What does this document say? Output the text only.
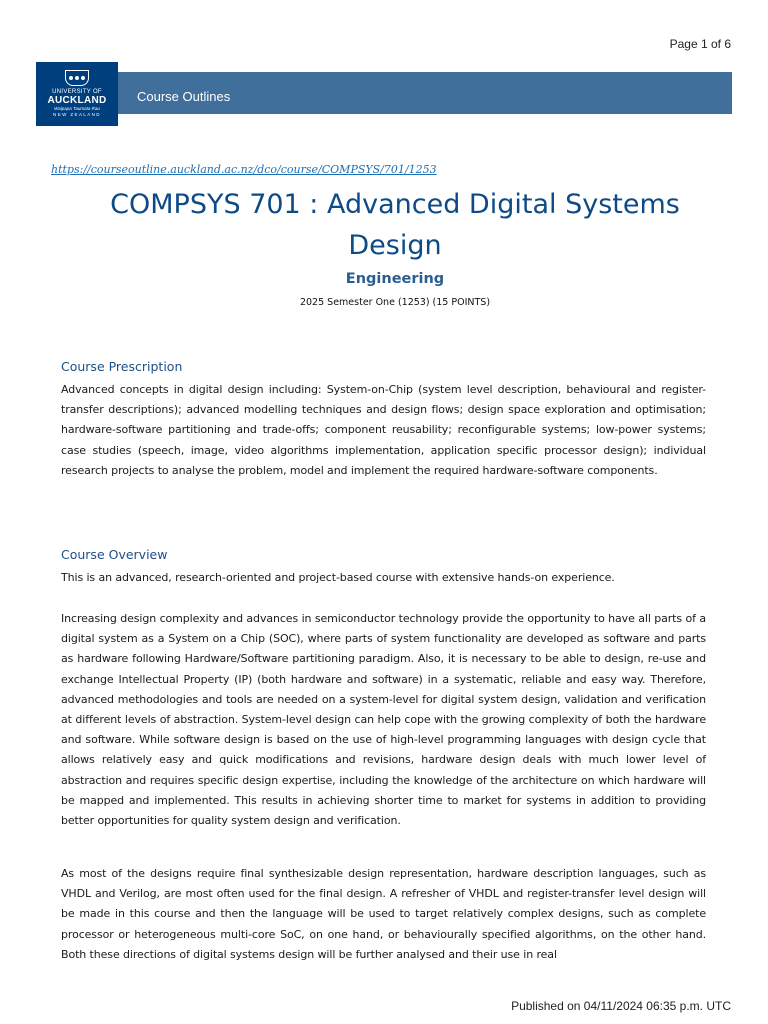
Page 1 of 6
UNIVERSITY OF
AUCKLAND
Waipapa Taumata Rau
NEW ZEALAND
Course Outlines
https://courseoutline.auckland.ac.nz/dco/course/COMPSYS/701/1253
COMPSYS 701 : Advanced Digital Systems Design
Engineering
2025 Semester One (1253) (15 POINTS)
Course Prescription

Advanced concepts in digital design including: System-on-Chip (system level description, behavioural and register-transfer descriptions); advanced modelling techniques and design flows; design space exploration and optimisation; hardware-software partitioning and trade-offs; component reusability; reconfigurable systems; low-power systems; case studies (speech, image, video algorithms implementation, application specific processor design); individual research projects to analyse the problem, model and implement the required hardware-software components.

Course Overview

This is an advanced, research-oriented and project-based course with extensive hands-on experience.

Increasing design complexity and advances in semiconductor technology provide the opportunity to have all parts of a digital system as a System on a Chip (SOC), where parts of system functionality are developed as software and parts as hardware following Hardware/Software partitioning paradigm. Also, it is necessary to be able to design, re-use and exchange Intellectual Property (IP) (both hardware and software) in a systematic, reliable and easy way. Therefore, advanced methodologies and tools are needed on a system-level for digital system design, validation and verification at different levels of abstraction. System-level design can help cope with the growing complexity of both the hardware and software. While software design is based on the use of high-level programming languages with design cycle that allows relatively easy and quick modifications and revisions, hardware design deals with much lower level of abstraction and requires specific design expertise, including the knowledge of the architecture on which hardware will be mapped and implemented. This results in achieving shorter time to market for systems in addition to providing better opportunities for quality system design and verification.

As most of the designs require final synthesizable design representation, hardware description languages, such as VHDL and Verilog, are most often used for the final design. A refresher of VHDL and register-transfer level design will be made in this course and then the language will be used to target relatively complex designs, such as complete processor or heterogeneous multi-core SoC, on one hand, or behaviourally specified algorithms, on the other hand. Both these directions of digital systems design will be further analysed and their use in real

Published on 04/11/2024 06:35 p.m. UTC
